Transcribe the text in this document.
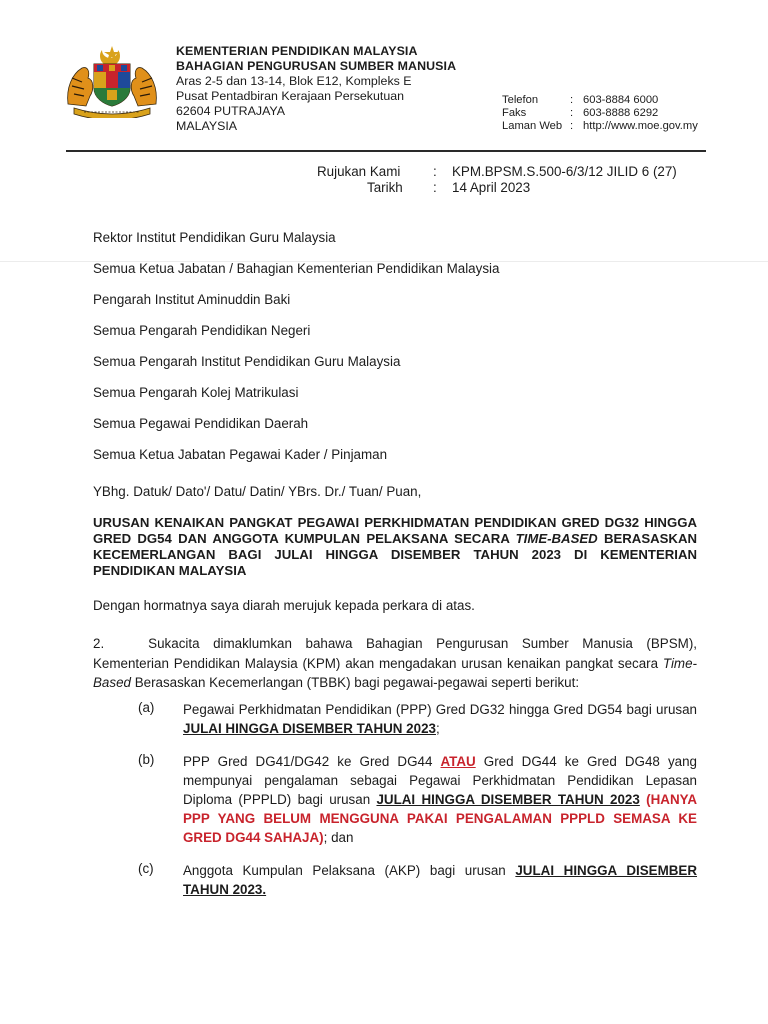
KEMENTERIAN PENDIDIKAN MALAYSIA
BAHAGIAN PENGURUSAN SUMBER MANUSIA
Aras 2-5 dan 13-14, Blok E12, Kompleks E
Pusat Pentadbiran Kerajaan Persekutuan
62604 PUTRAJAYA
MALAYSIA
Telefon	: 603-8884 6000
Faks	: 603-8888 6292
Laman Web : http://www.moe.gov.my
Rujukan Kami : KPM.BPSM.S.500-6/3/12 JILID 6 (27)
Tarikh : 14 April 2023
Rektor Institut Pendidikan Guru Malaysia
Semua Ketua Jabatan / Bahagian Kementerian Pendidikan Malaysia
Pengarah Institut Aminuddin Baki
Semua Pengarah Pendidikan Negeri
Semua Pengarah Institut Pendidikan Guru Malaysia
Semua Pengarah Kolej Matrikulasi
Semua Pegawai Pendidikan Daerah
Semua Ketua Jabatan Pegawai Kader / Pinjaman
YBhg. Datuk/ Dato'/ Datu/ Datin/ YBrs. Dr./ Tuan/ Puan,
URUSAN KENAIKAN PANGKAT PEGAWAI PERKHIDMATAN PENDIDIKAN GRED DG32 HINGGA GRED DG54 DAN ANGGOTA KUMPULAN PELAKSANA SECARA TIME-BASED BERASASKAN KECEMERLANGAN BAGI JULAI HINGGA DISEMBER TAHUN 2023 DI KEMENTERIAN PENDIDIKAN MALAYSIA
Dengan hormatnya saya diarah merujuk kepada perkara di atas.
2.	Sukacita dimaklumkan bahawa Bahagian Pengurusan Sumber Manusia (BPSM), Kementerian Pendidikan Malaysia (KPM) akan mengadakan urusan kenaikan pangkat secara Time-Based Berasaskan Kecemerlangan (TBBK) bagi pegawai-pegawai seperti berikut:
(a) Pegawai Perkhidmatan Pendidikan (PPP) Gred DG32 hingga Gred DG54 bagi urusan JULAI HINGGA DISEMBER TAHUN 2023;
(b) PPP Gred DG41/DG42 ke Gred DG44 ATAU Gred DG44 ke Gred DG48 yang mempunyai pengalaman sebagai Pegawai Perkhidmatan Pendidikan Lepasan Diploma (PPPLD) bagi urusan JULAI HINGGA DISEMBER TAHUN 2023 (HANYA PPP YANG BELUM MENGGUNA PAKAI PENGALAMAN PPPLD SEMASA KE GRED DG44 SAHAJA); dan
(c) Anggota Kumpulan Pelaksana (AKP) bagi urusan JULAI HINGGA DISEMBER TAHUN 2023.
